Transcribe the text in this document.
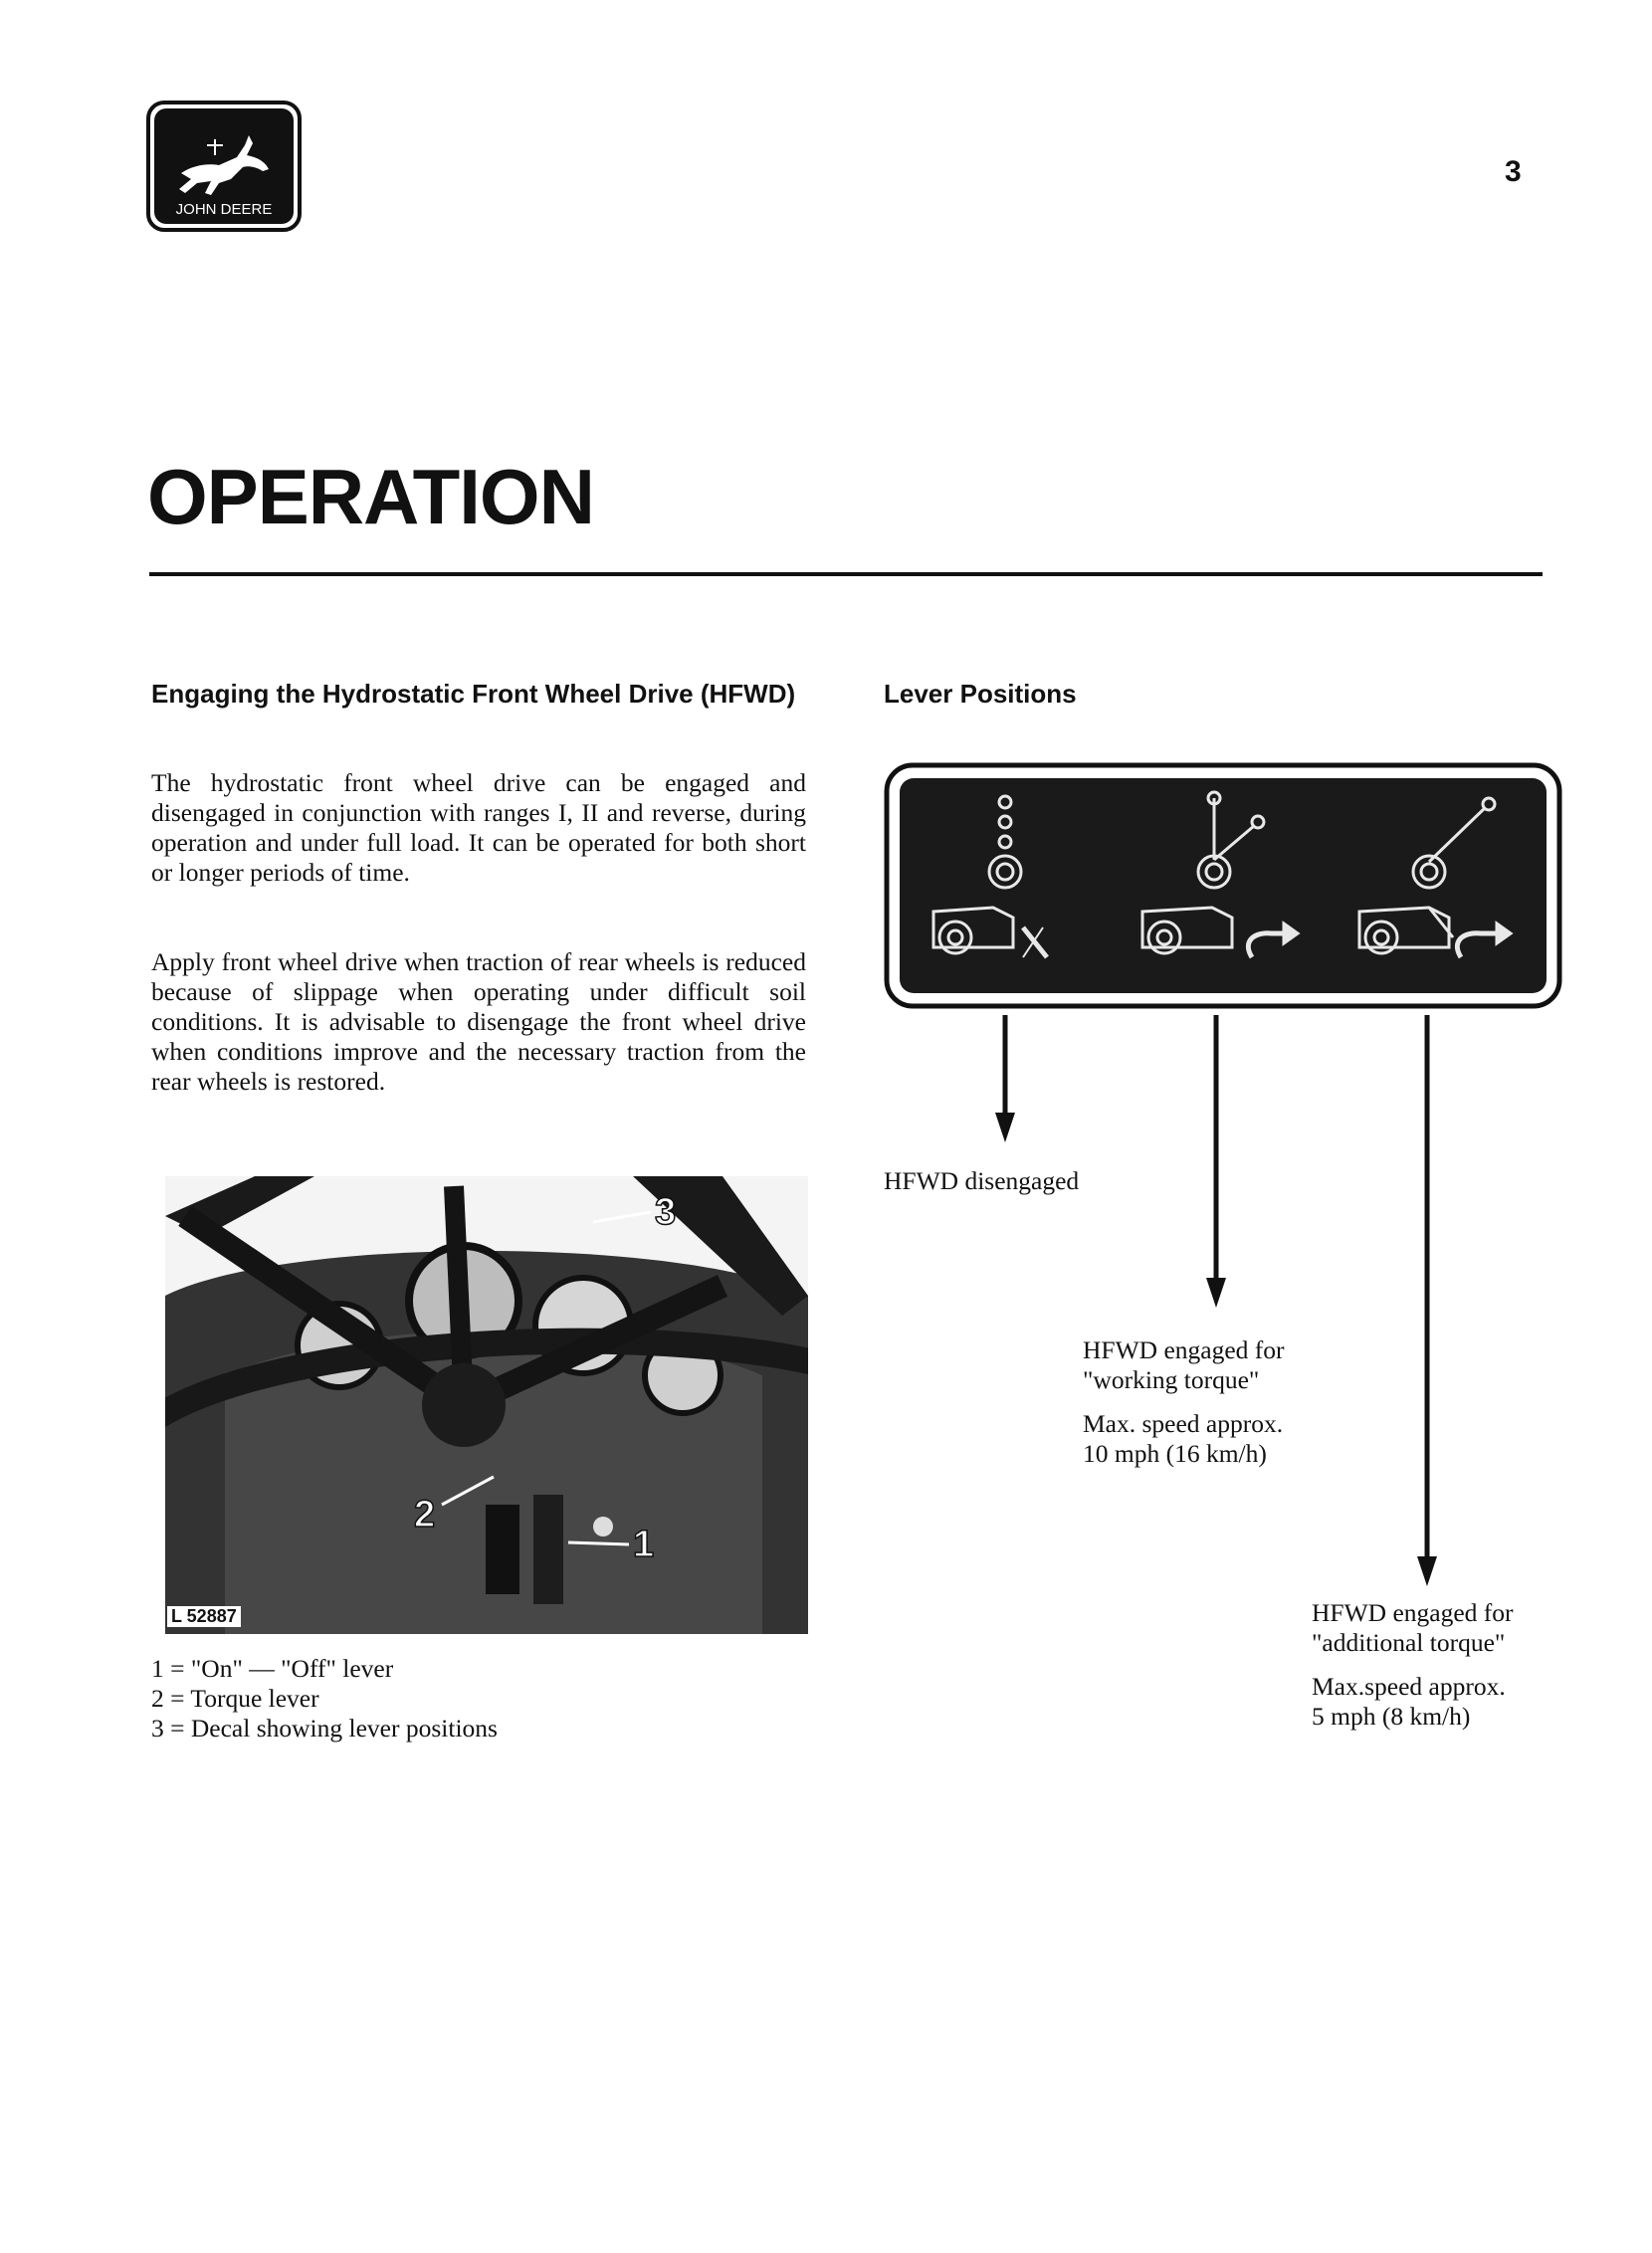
JOHN DEERE
3
OPERATION
Engaging the Hydrostatic Front Wheel Drive (HFWD)
The hydrostatic front wheel drive can be engaged and disengaged in conjunction with ranges I, II and reverse, during operation and under full load. It can be operated for both short or longer periods of time.
Apply front wheel drive when traction of rear wheels is reduced because of slippage when operating under difficult soil conditions. It is advisable to disengage the front wheel drive when conditions improve and the necessary traction from the rear wheels is restored.
3
2
1
L 52887
1 = "On" — "Off" lever
2 = Torque lever
3 = Decal showing lever positions
Lever Positions
HFWD disengaged
HFWD engaged for
"working torque"
Max. speed approx.
10 mph (16 km/h)
HFWD engaged for
"additional torque"
Max.speed approx.
5 mph (8 km/h)
